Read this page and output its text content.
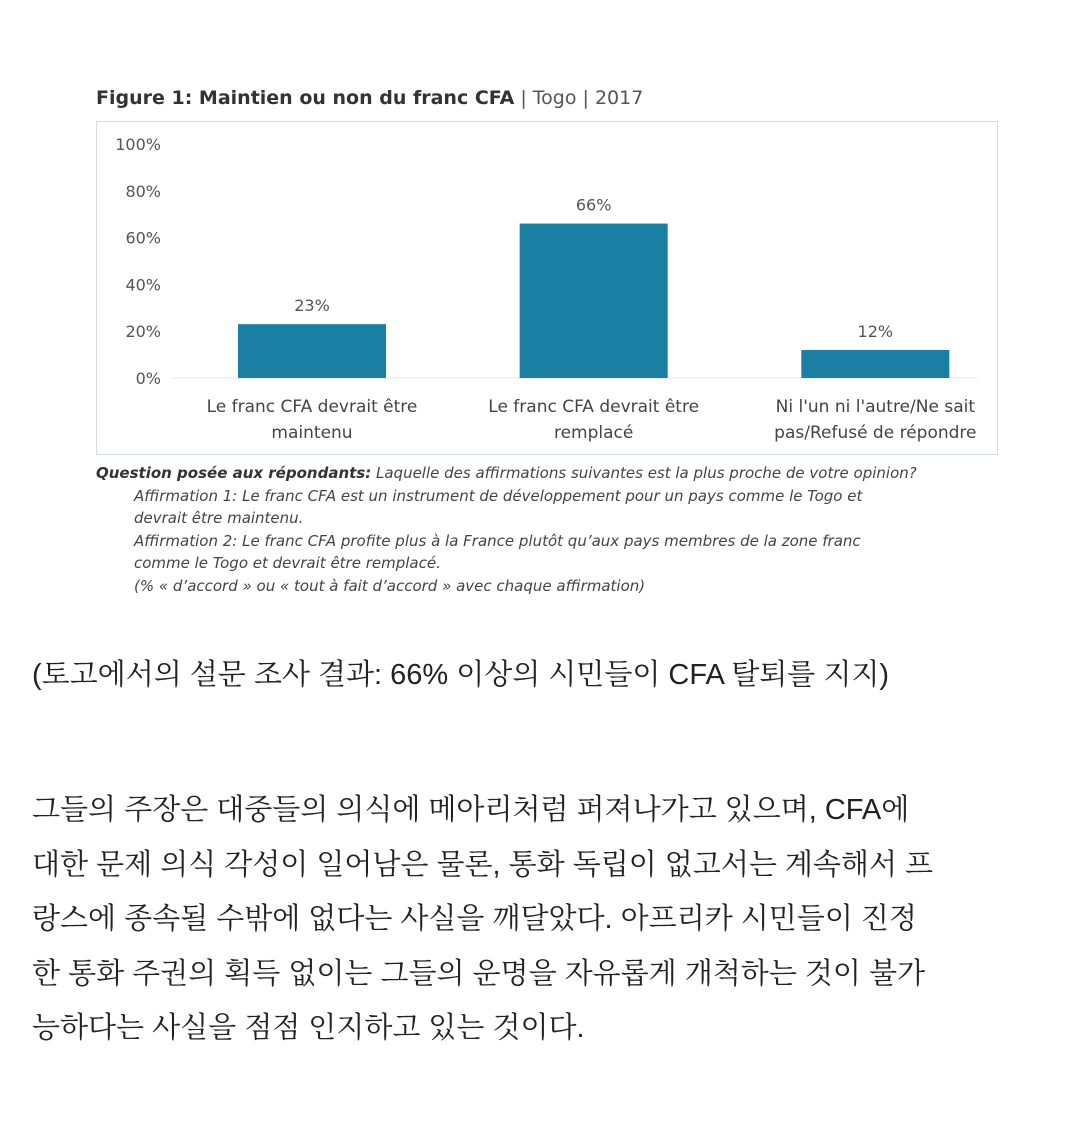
Figure 1: Maintien ou non du franc CFA | Togo | 2017
0%
20%
40%
60%
80%
100%
23%
Le franc CFA devrait être
maintenu
66%
Le franc CFA devrait être
remplacé
12%
Ni l'un ni l'autre/Ne sait
pas/Refusé de répondre
Question posée aux répondants: Laquelle des affirmations suivantes est la plus proche de votre opinion?
Affirmation 1: Le franc CFA est un instrument de développement pour un pays comme le Togo et
devrait être maintenu.
Affirmation 2: Le franc CFA profite plus à la France plutôt qu’aux pays membres de la zone franc
comme le Togo et devrait être remplacé.
(% « d’accord » ou « tout à fait d’accord » avec chaque affirmation)
(토고에서의 설문 조사 결과: 66% 이상의 시민들이 CFA 탈퇴를 지지)
그들의 주장은 대중들의 의식에 메아리처럼 퍼져나가고 있으며, CFA에
대한 문제 의식 각성이 일어남은 물론, 통화 독립이 없고서는 계속해서 프
랑스에 종속될 수밖에 없다는 사실을 깨달았다. 아프리카 시민들이 진정
한 통화 주권의 획득 없이는 그들의 운명을 자유롭게 개척하는 것이 불가
능하다는 사실을 점점 인지하고 있는 것이다.
